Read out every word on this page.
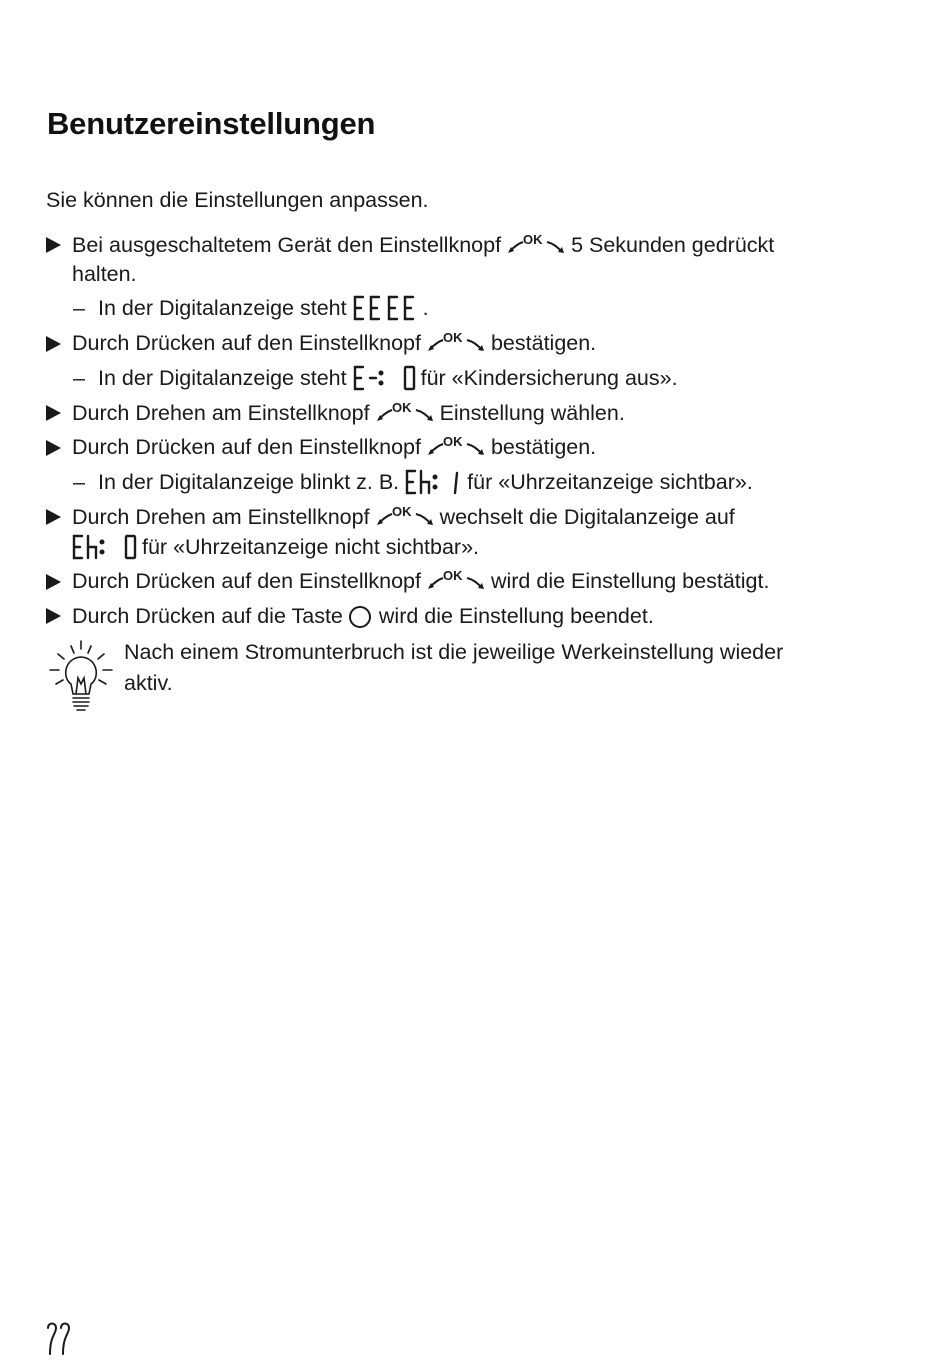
Benutzereinstellungen
Sie können die Einstellungen anpassen.
Bei ausgeschaltetem Gerät den Einstellknopf OK 5 Sekunden gedrückt
halten.
– In der Digitalanzeige steht	.
Durch Drücken auf den Einstellknopf OK bestätigen.
– In der Digitalanzeige steht	für «Kindersicherung aus».
Durch Drehen am Einstellknopf OK Einstellung wählen.
Durch Drücken auf den Einstellknopf OK bestätigen.
– In der Digitalanzeige blinkt z. B.	für «Uhrzeitanzeige sichtbar».
Durch Drehen am Einstellknopf OK wechselt die Digitalanzeige auf
für «Uhrzeitanzeige nicht sichtbar».
Durch Drücken auf den Einstellknopf OK wird die Einstellung bestätigt.
Durch Drücken auf die Taste wird die Einstellung beendet.
Nach einem Stromunterbruch ist die jeweilige Werkeinstellung wieder
aktiv.
